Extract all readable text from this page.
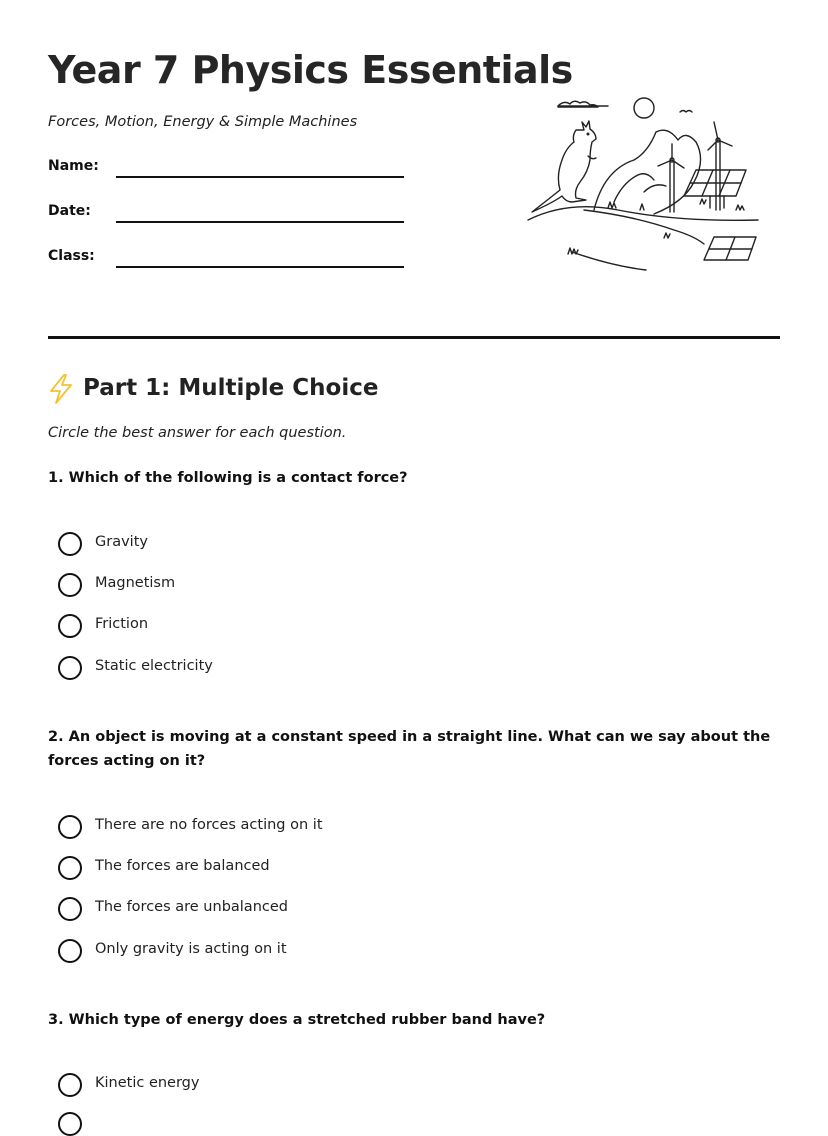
Year 7 Physics Essentials
Forces, Motion, Energy & Simple Machines
Name:
Date:
Class:
Part 1: Multiple Choice
Circle the best answer for each question.
1. Which of the following is a contact force?
Gravity
Magnetism
Friction
Static electricity
2. An object is moving at a constant speed in a straight line. What can we say about the forces acting on it?
There are no forces acting on it
The forces are balanced
The forces are unbalanced
Only gravity is acting on it
3. Which type of energy does a stretched rubber band have?
Kinetic energy
